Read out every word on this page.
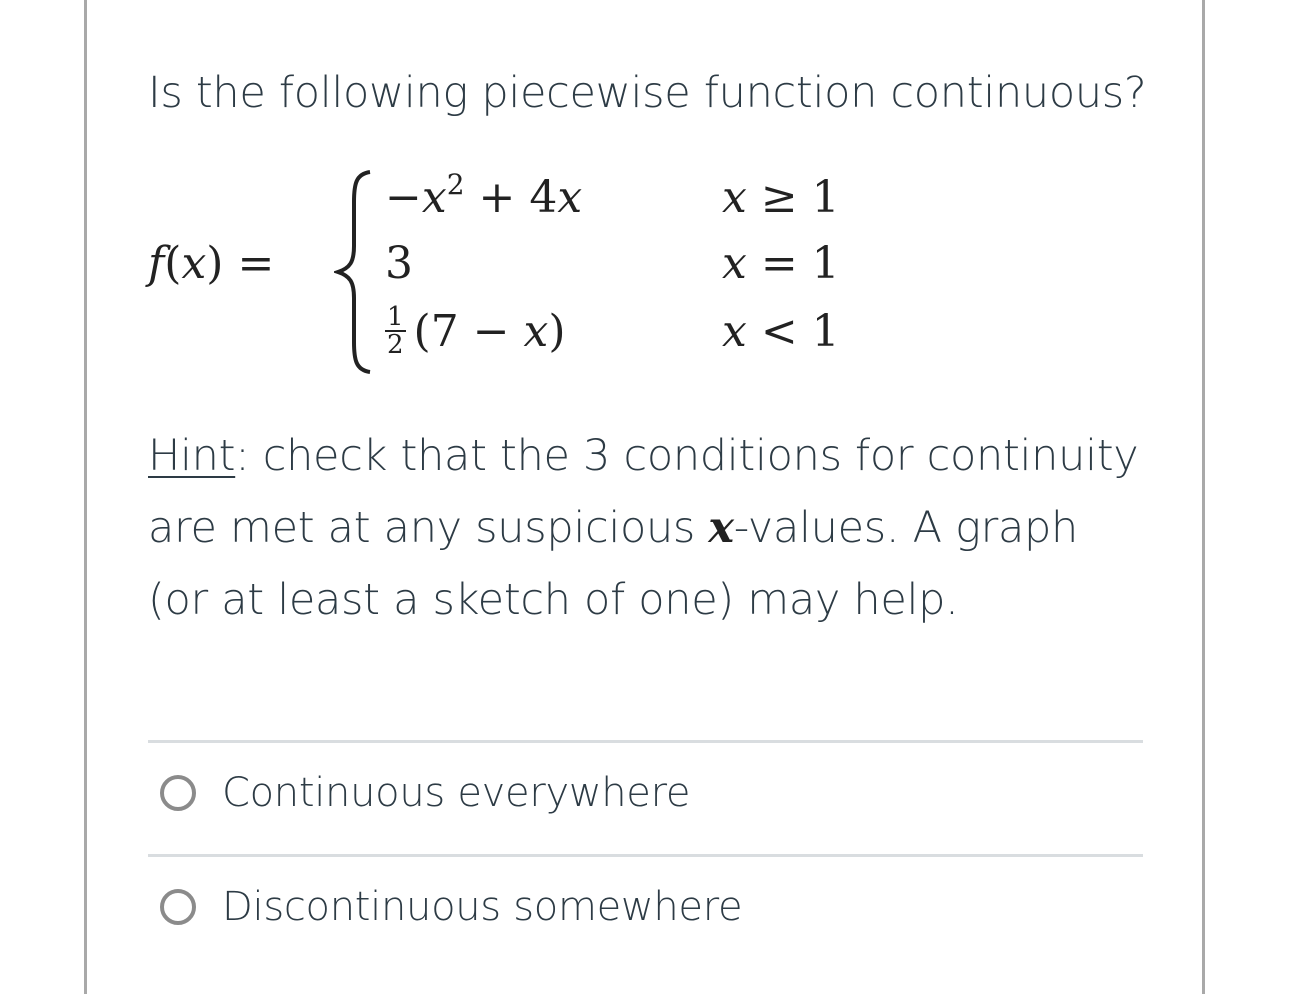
Is the following piecewise function continuous?
f(x) =
$-x^2 + 4x$	x ≥ 1
3	x = 1
$\frac{1}{2} (7 - x)$	x < 1
Hint: check that the 3 conditions for continuity are met at any suspicious x-values. A graph (or at least a sketch of one) may help.
Continuous everywhere
Discontinuous somewhere
